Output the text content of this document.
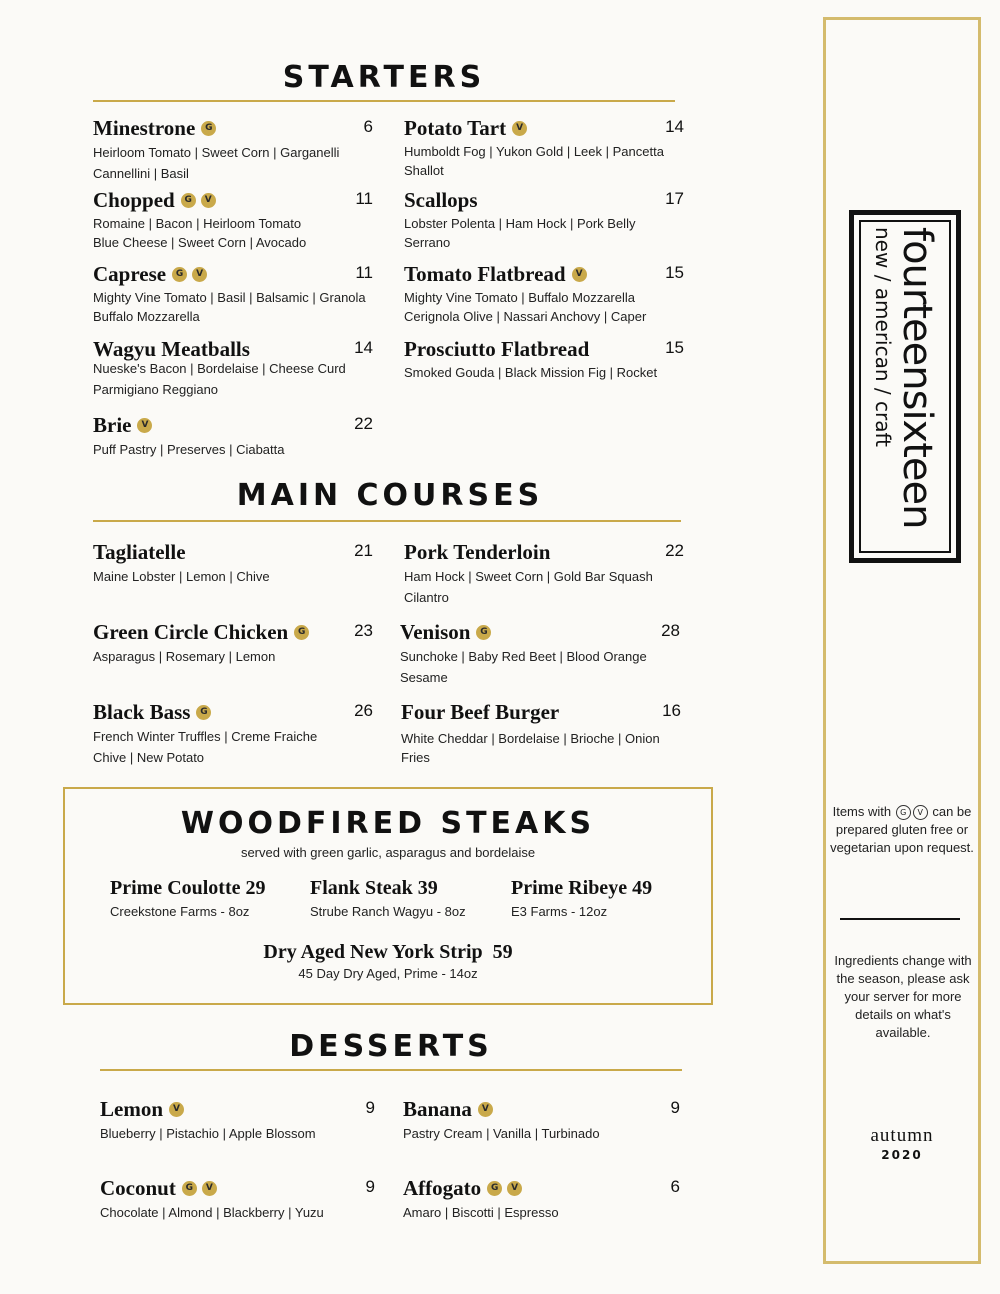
STARTERS
Minestrone	G	6
Heirloom Tomato | Sweet Corn | Garganelli
Cannellini | Basil
Potato Tart	V	14
Humboldt Fog | Yukon Gold | Leek | Pancetta
Shallot
Chopped	G	V	11
Romaine | Bacon | Heirloom Tomato
Blue Cheese | Sweet Corn | Avocado
Scallops	17
Lobster Polenta | Ham Hock | Pork Belly
Serrano
Caprese	G	V	11
Mighty Vine Tomato | Basil | Balsamic | Granola
Buffalo Mozzarella
Tomato Flatbread	V	15
Mighty Vine Tomato | Buffalo Mozzarella
Cerignola Olive | Nassari Anchovy | Caper
Wagyu Meatballs	14
Nueske's Bacon | Bordelaise | Cheese Curd
Parmigiano Reggiano
Prosciutto Flatbread	15
Smoked Gouda | Black Mission Fig | Rocket
Brie	V	22
Puff Pastry | Preserves | Ciabatta
MAIN COURSES
Tagliatelle	21
Maine Lobster | Lemon | Chive
Pork Tenderloin	22
Ham Hock | Sweet Corn | Gold Bar Squash
Cilantro
Green Circle Chicken	G	23
Asparagus | Rosemary | Lemon
Venison	G	28
Sunchoke | Baby Red Beet | Blood Orange
Sesame
Black Bass	G	26
French Winter Truffles | Creme Fraiche
Chive | New Potato
Four Beef Burger	16
White Cheddar | Bordelaise | Brioche | Onion
Fries
WOODFIRED STEAKS
served with green garlic, asparagus and bordelaise
Prime Coulotte 29
Creekstone Farms - 8oz
Flank Steak 39
Strube Ranch Wagyu - 8oz
Prime Ribeye 49
E3 Farms - 12oz
Dry Aged New York Strip  59
45 Day Dry Aged, Prime - 14oz
DESSERTS
Lemon	V	9
Blueberry | Pistachio | Apple Blossom
Banana	V	9
Pastry Cream | Vanilla | Turbinado
Coconut	G	V	9
Chocolate | Almond | Blackberry | Yuzu
Affogato	G	V	6
Amaro | Biscotti | Espresso
fourteensixteen
new / american / craft
Items with G V can be prepared gluten free or vegetarian upon request.
Ingredients change with the season, please ask your server for more details on what's available.
autumn
2020
